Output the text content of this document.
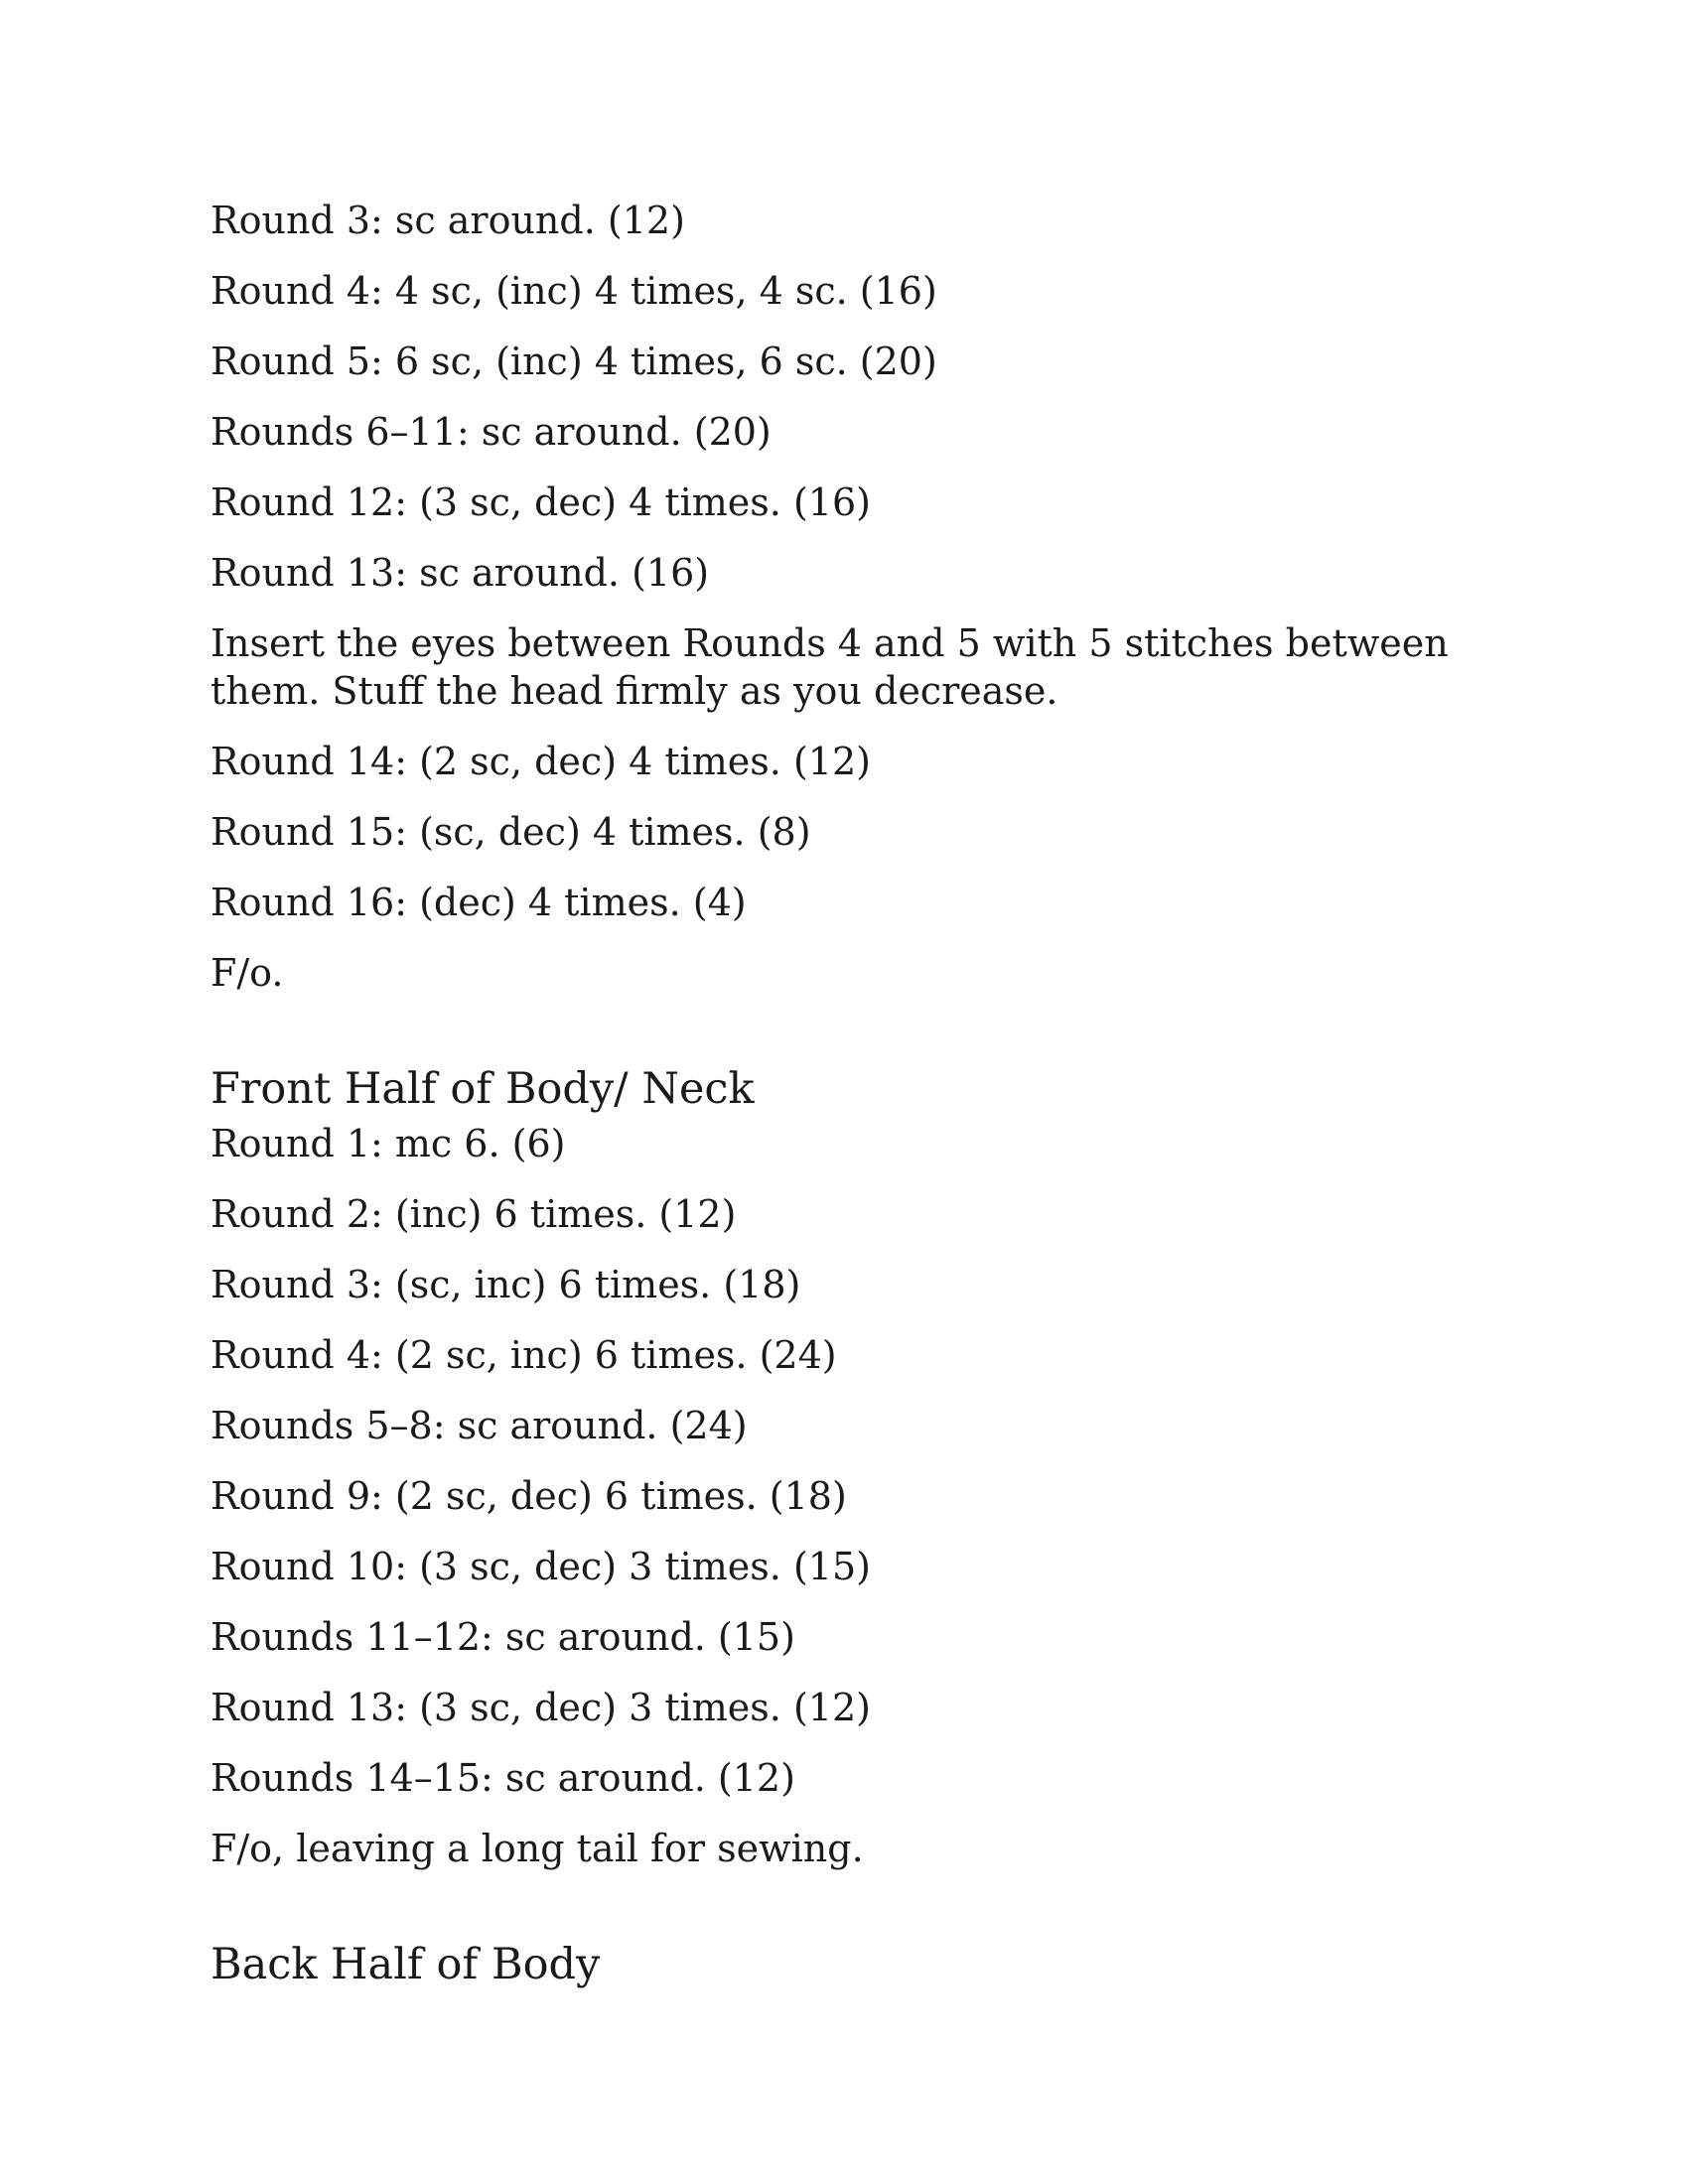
Round 3: sc around. (12)

Round 4: 4 sc, (inc) 4 times, 4 sc. (16)

Round 5: 6 sc, (inc) 4 times, 6 sc. (20)

Rounds 6–11: sc around. (20)

Round 12: (3 sc, dec) 4 times. (16)

Round 13: sc around. (16)

Insert the eyes between Rounds 4 and 5 with 5 stitches between them. Stuff the head firmly as you decrease.

Round 14: (2 sc, dec) 4 times. (12)

Round 15: (sc, dec) 4 times. (8)

Round 16: (dec) 4 times. (4)

F/o.

Front Half of Body/ Neck

Round 1: mc 6. (6)

Round 2: (inc) 6 times. (12)

Round 3: (sc, inc) 6 times. (18)

Round 4: (2 sc, inc) 6 times. (24)

Rounds 5–8: sc around. (24)

Round 9: (2 sc, dec) 6 times. (18)

Round 10: (3 sc, dec) 3 times. (15)

Rounds 11–12: sc around. (15)

Round 13: (3 sc, dec) 3 times. (12)

Rounds 14–15: sc around. (12)

F/o, leaving a long tail for sewing.

Back Half of Body
